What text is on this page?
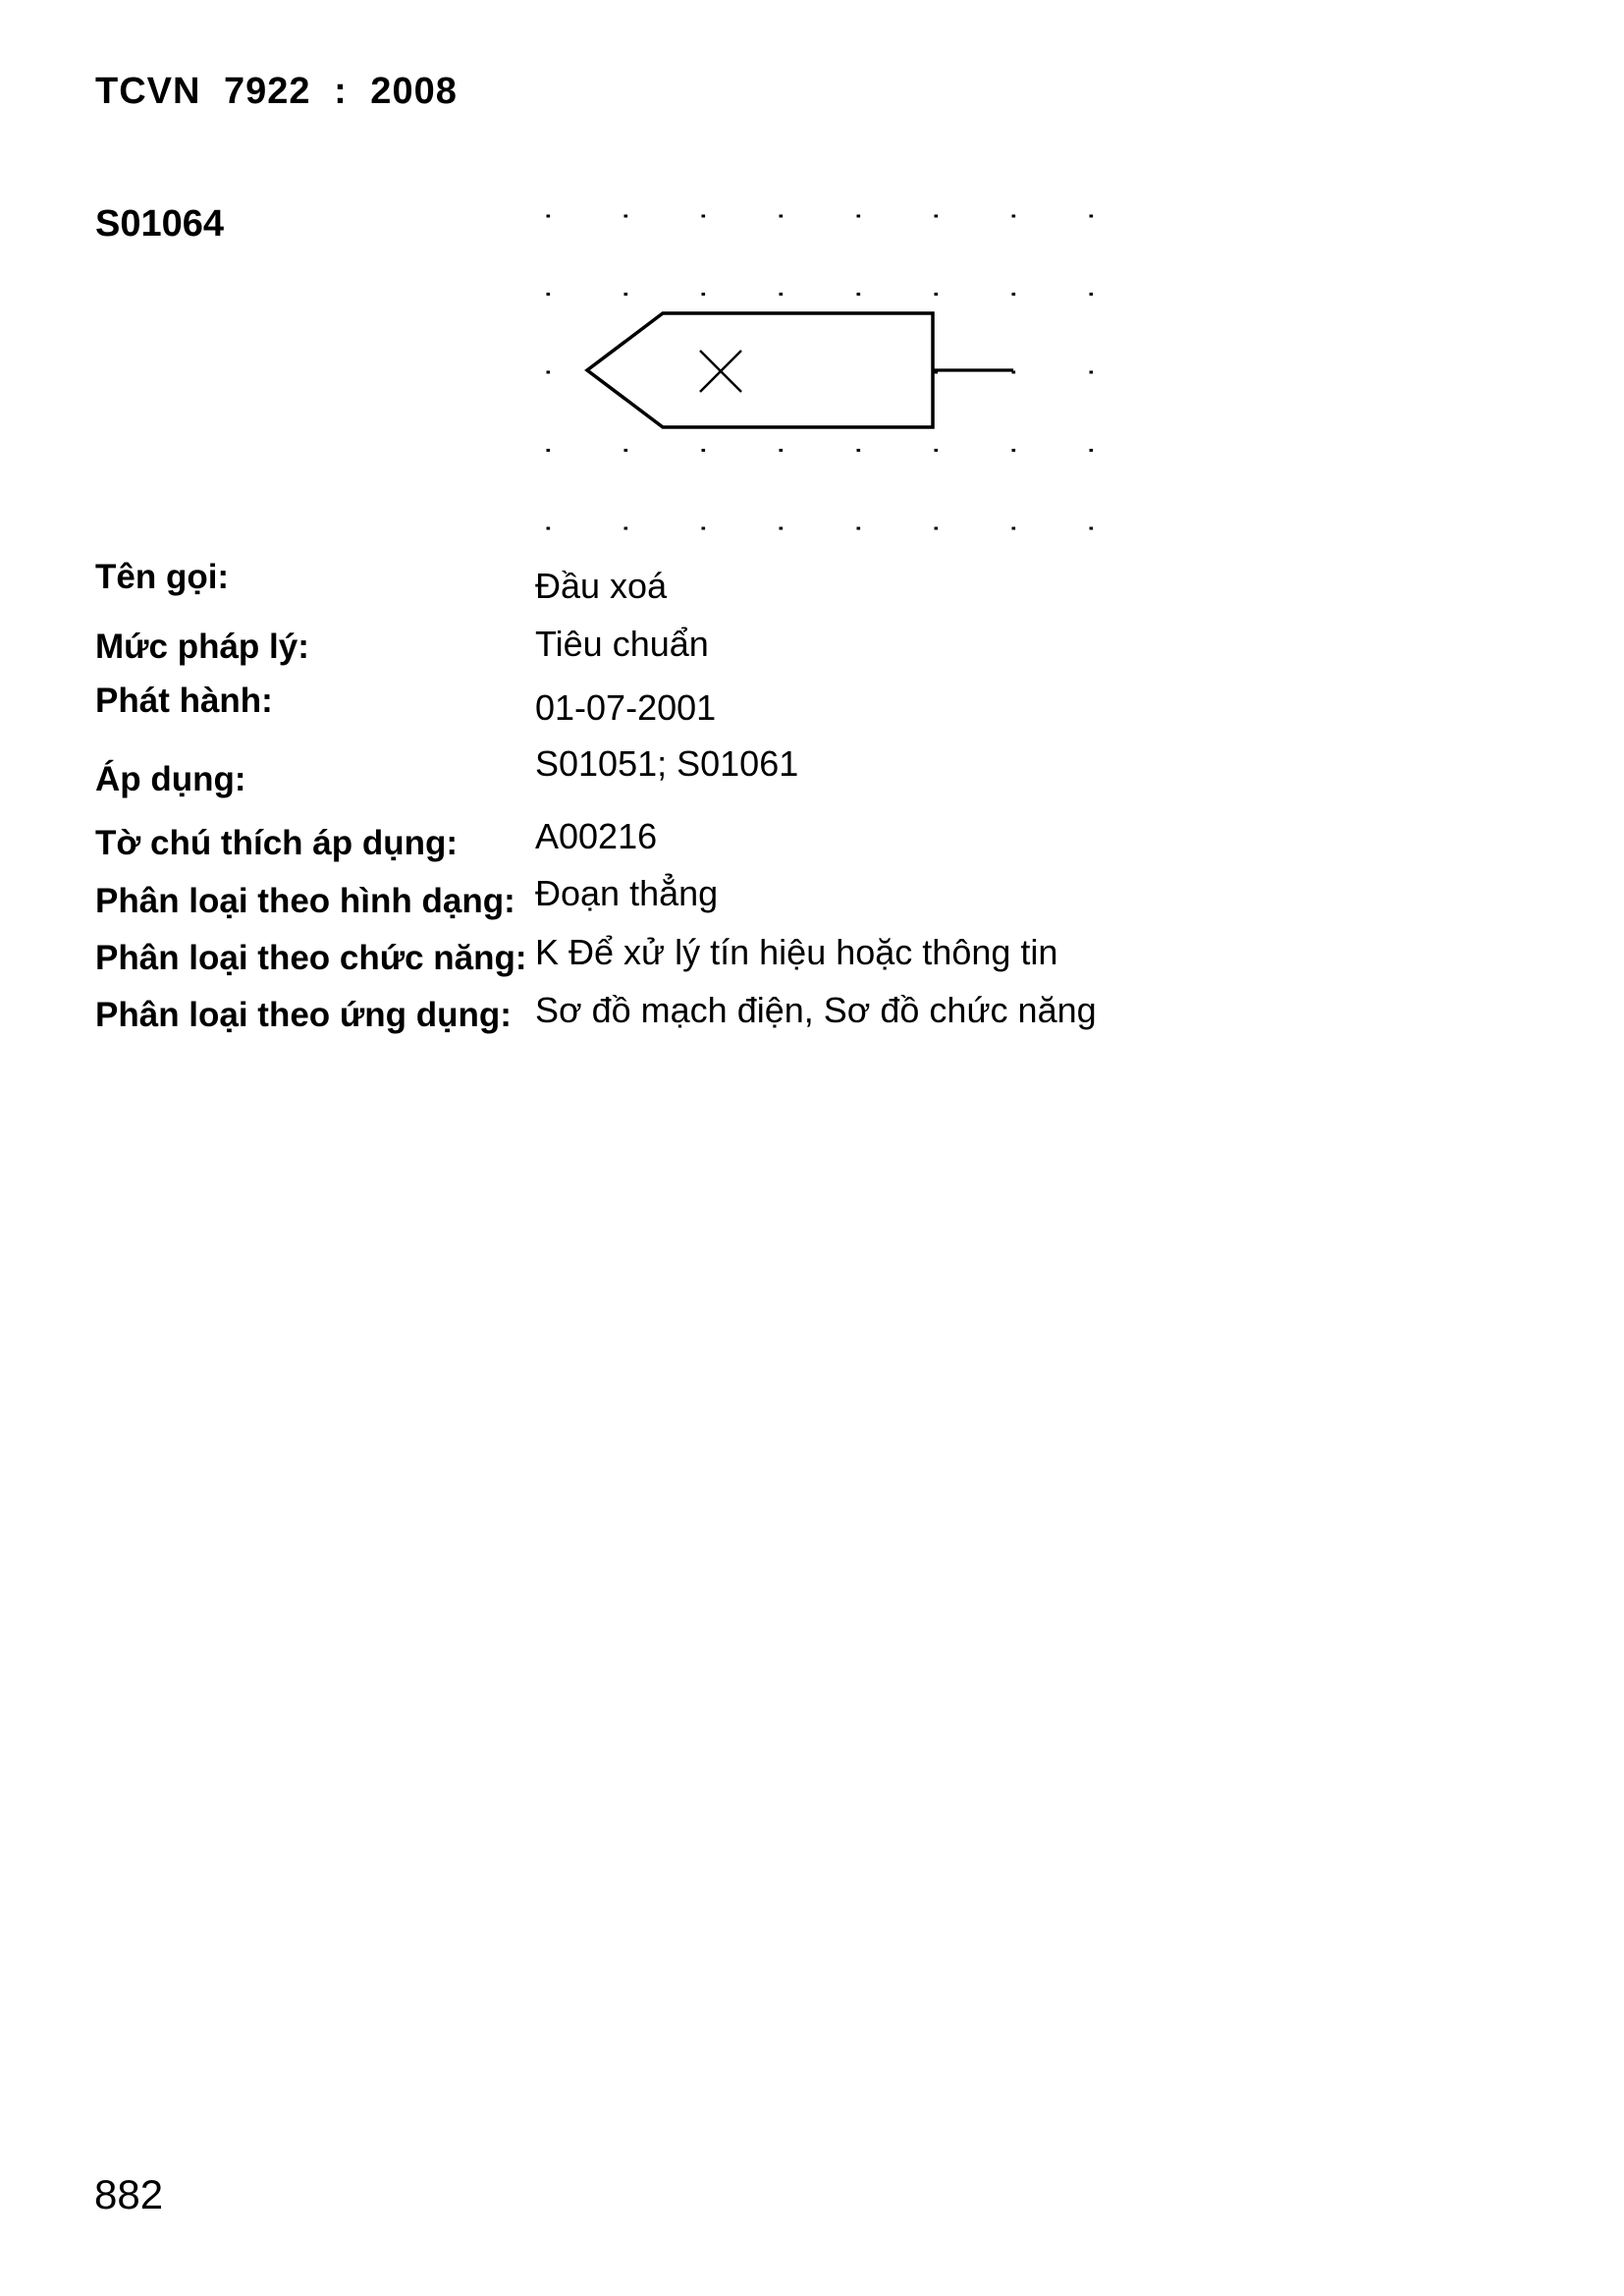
TCVN 7922 : 2008
S01064
Tên gọi:	Đầu xoá
Mức pháp lý:	Tiêu chuẩn
Phát hành:	01-07-2001
Áp dụng:	S01051; S01061
Tờ chú thích áp dụng: A00216
Phân loại theo hình dạng: Đoạn thẳng
Phân loại theo chức năng: K Để xử lý tín hiệu hoặc thông tin
Phân loại theo ứng dụng: Sơ đồ mạch điện, Sơ đồ chức năng
882
